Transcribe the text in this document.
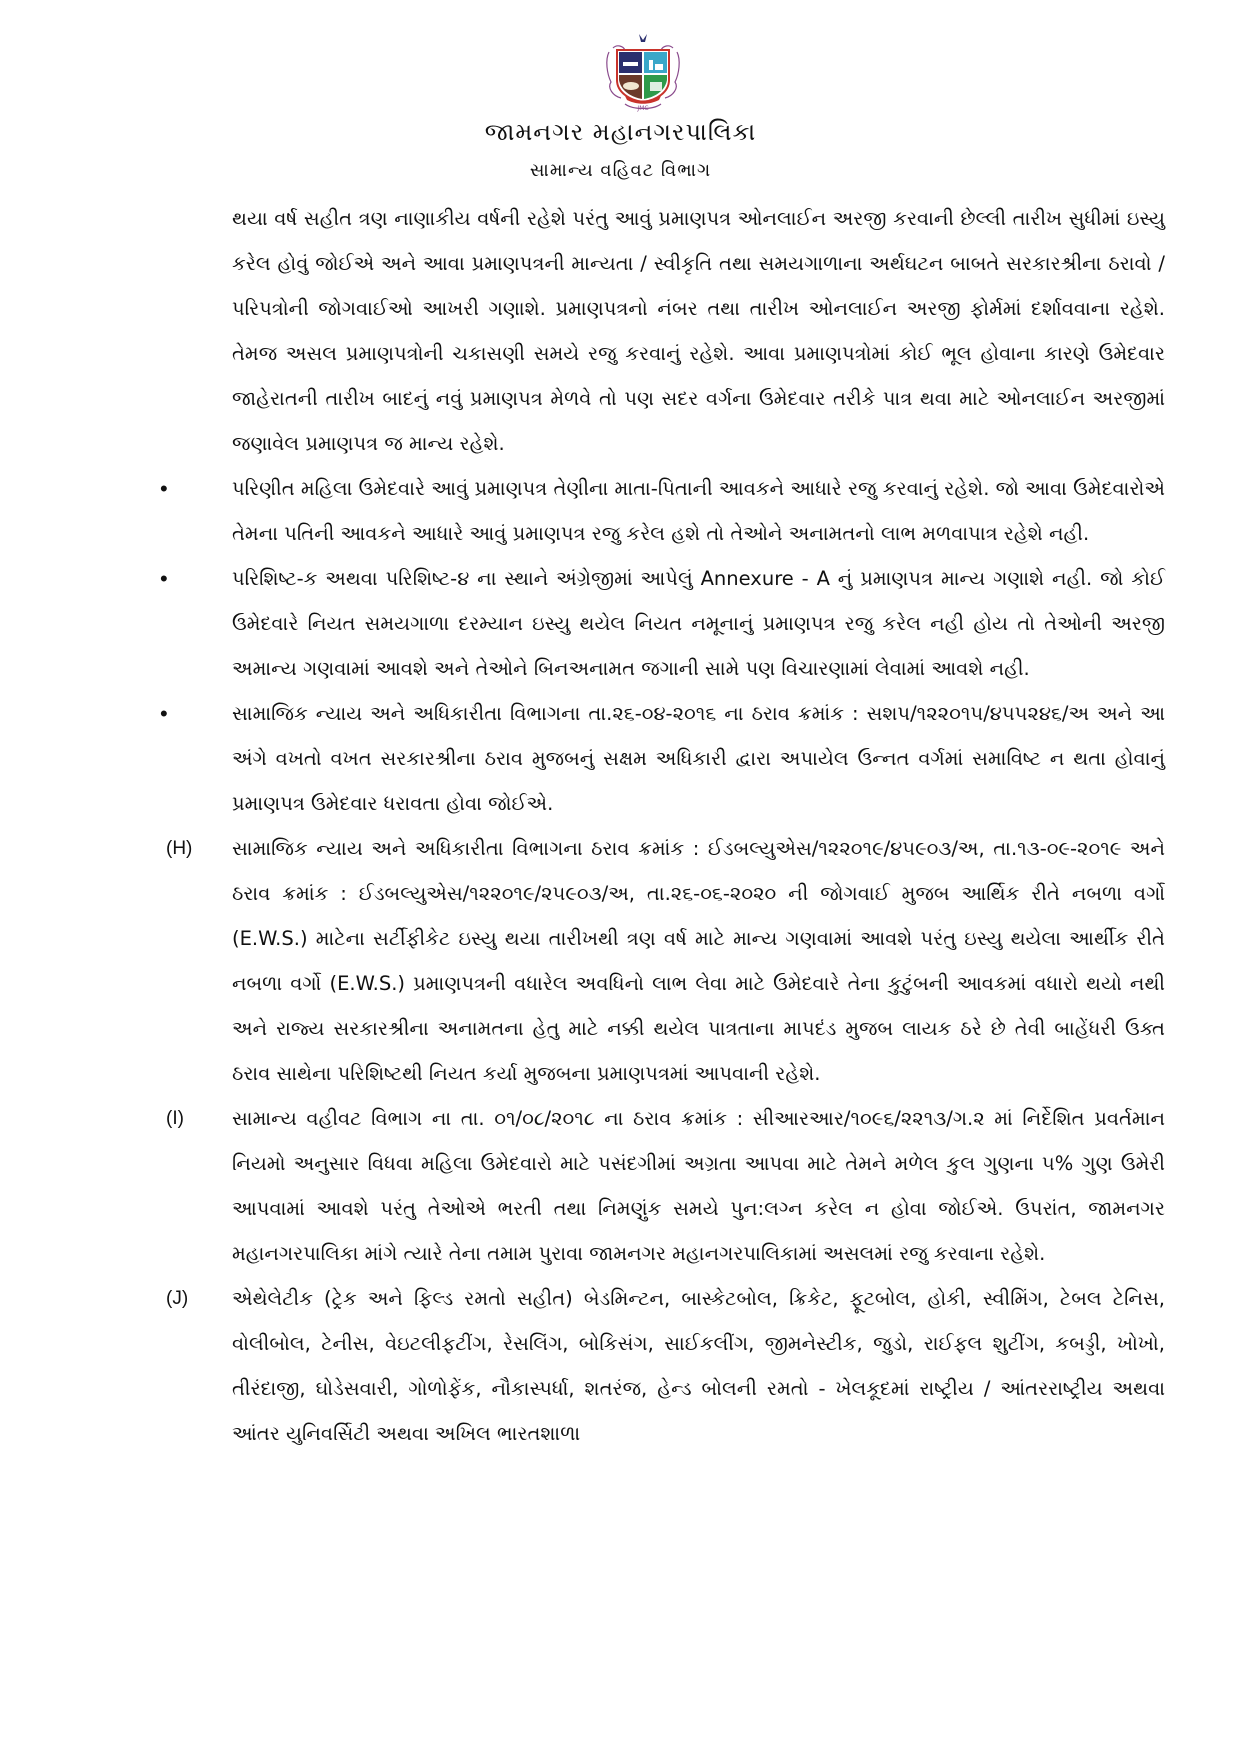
JMC
જામનગર મહાનગરપાલિકા
સામાન્ય વહિવટ વિભાગ

થયા વર્ષ સહીત ત્રણ નાણાકીય વર્ષની રહેશે પરંતુ આવું પ્રમાણપત્ર ઓનલાઈન અરજી કરવાની છેલ્લી તારીખ સુધીમાં ઇસ્યુ કરેલ હોવું જોઈએ અને આવા પ્રમાણપત્રની માન્યતા / સ્વીકૃતિ તથા સમયગાળાના અર્થઘટન બાબતે સરકારશ્રીના ઠરાવો / પરિપત્રોની જોગવાઈઓ આખરી ગણાશે. પ્રમાણપત્રનો નંબર તથા તારીખ ઓનલાઈન અરજી ફોર્મમાં દર્શાવવાના રહેશે. તેમજ અસલ પ્રમાણપત્રોની ચકાસણી સમયે રજુ કરવાનું રહેશે. આવા પ્રમાણપત્રોમાં કોઈ ભૂલ હોવાના કારણે ઉમેદવાર જાહેરાતની તારીખ બાદનું નવું પ્રમાણપત્ર મેળવે તો પણ સદર વર્ગના ઉમેદવાર તરીકે પાત્ર થવા માટે ઓનલાઈન અરજીમાં જણાવેલ પ્રમાણપત્ર જ માન્ય રહેશે.

•	પરિણીત મહિલા ઉમેદવારે આવું પ્રમાણપત્ર તેણીના માતા-પિતાની આવકને આધારે રજુ કરવાનું રહેશે. જો આવા ઉમેદવારોએ તેમના પતિની આવકને આધારે આવું પ્રમાણપત્ર રજુ કરેલ હશે તો તેઓને અનામતનો લાભ મળવાપાત્ર રહેશે નહી.
•	પરિશિષ્ટ-ક અથવા પરિશિષ્ટ-૪ ના સ્થાને અંગ્રેજીમાં આપેલું Annexure - A નું પ્રમાણપત્ર માન્ય ગણાશે નહી. જો કોઈ ઉમેદવારે નિયત સમયગાળા દરમ્યાન ઇસ્યુ થયેલ નિયત નમૂનાનું પ્રમાણપત્ર રજુ કરેલ નહી હોય તો તેઓની અરજી અમાન્ય ગણવામાં આવશે અને તેઓને બિનઅનામત જગાની સામે પણ વિચારણામાં લેવામાં આવશે નહી.
•	સામાજિક ન્યાય અને અધિકારીતા વિભાગના તા.૨૬-૦૪-૨૦૧૬ ના ઠરાવ ક્રમાંક : સશપ/૧૨૨૦૧૫/૪૫૫૨૪૬/અ અને આ અંગે વખતો વખત સરકારશ્રીના ઠરાવ મુજબનું સક્ષમ અધિકારી દ્વારા અપાયેલ ઉન્નત વર્ગમાં સમાવિષ્ટ ન થતા હોવાનું પ્રમાણપત્ર ઉમેદવાર ધરાવતા હોવા જોઈએ.
(H)	સામાજિક ન્યાય અને અધિકારીતા વિભાગના ઠરાવ ક્રમાંક : ઈડબલ્યુએસ/૧૨૨૦૧૯/૪૫૯૦૩/અ, તા.૧૩-૦૯-૨૦૧૯ અને ઠરાવ ક્રમાંક : ઈડબલ્યુએસ/૧૨૨૦૧૯/૨૫૯૦૩/અ, તા.૨૬-૦૬-૨૦૨૦ ની જોગવાઈ મુજબ આર્થિક રીતે નબળા વર્ગો (E.W.S.) માટેના સર્ટીફીકેટ ઇસ્યુ થયા તારીખથી ત્રણ વર્ષ માટે માન્ય ગણવામાં આવશે પરંતુ ઇસ્યુ થયેલા આર્થીક રીતે નબળા વર્ગો (E.W.S.) પ્રમાણપત્રની વધારેલ અવધિનો લાભ લેવા માટે ઉમેદવારે તેના કુટુંબની આવકમાં વધારો થયો નથી અને રાજ્ય સરકારશ્રીના અનામતના હેતુ માટે નક્કી થયેલ પાત્રતાના માપદંડ મુજબ લાયક ઠરે છે તેવી બાહેંધરી ઉક્ત ઠરાવ સાથેના પરિશિષ્ટથી નિયત કર્યા મુજબના પ્રમાણપત્રમાં આપવાની રહેશે.
(I)	સામાન્ય વહીવટ વિભાગ ના તા. ૦૧/૦૮/૨૦૧૮ ના ઠરાવ ક્રમાંક : સીઆરઆર/૧૦૯૬/૨૨૧૩/ગ.૨ માં નિર્દેશિત પ્રવર્તમાન નિયમો અનુસાર વિધવા મહિલા ઉમેદવારો માટે પસંદગીમાં અગ્રતા આપવા માટે તેમને મળેલ કુલ ગુણના ૫% ગુણ ઉમેરી આપવામાં આવશે પરંતુ તેઓએ ભરતી તથા નિમણુંક સમયે પુન:લગ્ન કરેલ ન હોવા જોઈએ. ઉપરાંત, જામનગર મહાનગરપાલિકા માંગે ત્યારે તેના તમામ પુરાવા જામનગર મહાનગરપાલિકામાં અસલમાં રજુ કરવાના રહેશે.
(J)	એથેલેટીક (ટ્રેક અને ફિલ્ડ રમતો સહીત) બેડમિન્ટન, બાસ્કેટબોલ, ક્રિકેટ, ફૂટબોલ, હોકી, સ્વીમિંગ, ટેબલ ટેનિસ, વોલીબોલ, ટેનીસ, વેઇટલીફટીંગ, રેસલિંગ, બોકિસંગ, સાઈકલીંગ, જીમનેસ્ટીક, જુડો, રાઈફલ શુટીંગ, કબડ્ડી, ખોખો, તીરંદાજી, ઘોડેસવારી, ગોળોફેંક, નૌકાસ્પર્ધા, શતરંજ, હેન્ડ બોલની રમતો - ખેલકૂદમાં રાષ્ટ્રીય / આંતરરાષ્ટ્રીય અથવા આંતર યુનિવર્સિટી અથવા અખિલ ભારતશાળા
